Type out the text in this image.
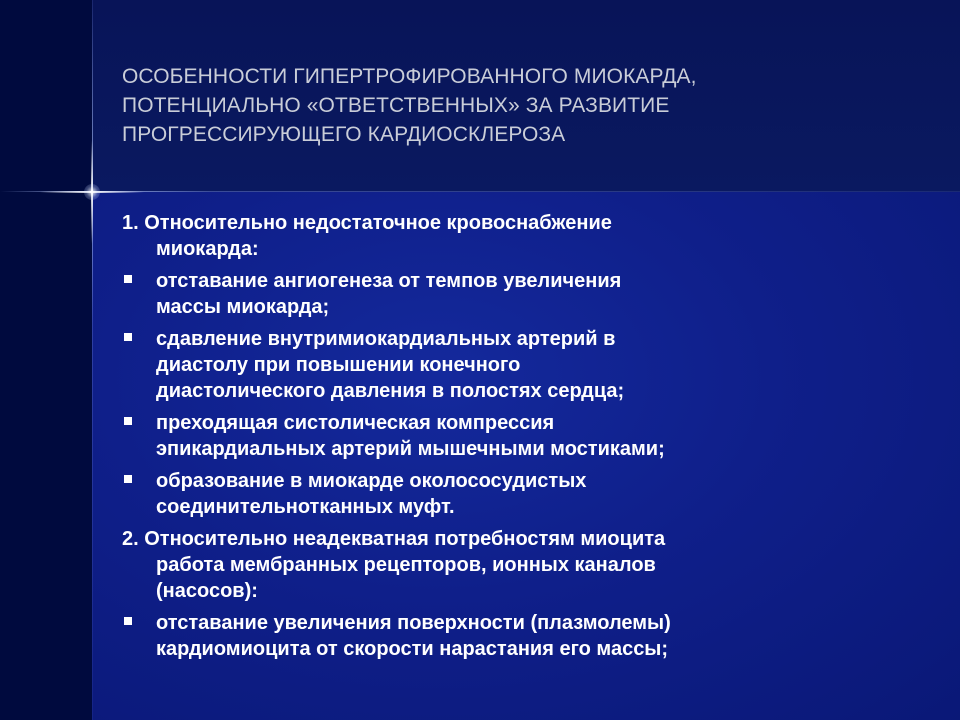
ОСОБЕННОСТИ ГИПЕРТРОФИРОВАННОГО МИОКАРДА,
ПОТЕНЦИАЛЬНО «ОТВЕТСТВЕННЫХ» ЗА РАЗВИТИЕ
ПРОГРЕССИРУЮЩЕГО КАРДИОСКЛЕРОЗА
1. Относительно недостаточное кровоснабжение
миокарда:
отставание ангиогенеза от темпов увеличения
массы миокарда;
сдавление внутримиокардиальных артерий в
диастолу при повышении конечного
диастолического давления в полостях сердца;
преходящая систолическая компрессия
эпикардиальных артерий мышечными мостиками;
образование в миокарде околососудистых
соединительнотканных муфт.
2. Относительно неадекватная потребностям миоцита
работа мембранных рецепторов, ионных каналов
(насосов):
отставание увеличения поверхности (плазмолемы)
кардиомиоцита от скорости нарастания его массы;
